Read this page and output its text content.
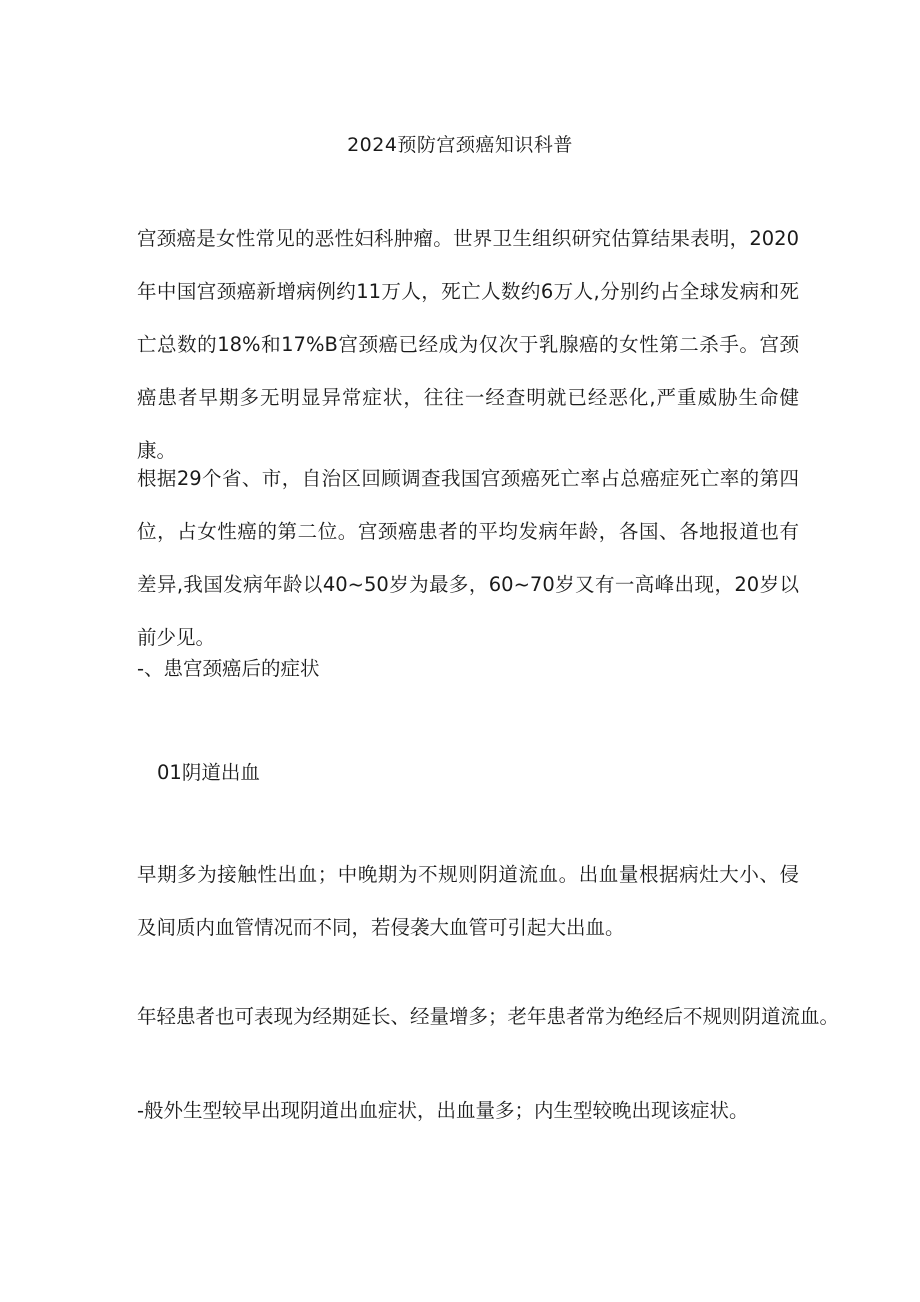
2024预防宫颈癌知识科普

宫颈癌是女性常见的恶性妇科肿瘤。世界卫生组织研究估算结果表明，2020年中国宫颈癌新增病例约11万人，死亡人数约6万人,分别约占全球发病和死亡总数的18%和17%B宫颈癌已经成为仅次于乳腺癌的女性第二杀手。宫颈癌患者早期多无明显异常症状，往往一经查明就已经恶化,严重威胁生命健康。

根据29个省、市，自治区回顾调查我国宫颈癌死亡率占总癌症死亡率的第四位，占女性癌的第二位。宫颈癌患者的平均发病年龄，各国、各地报道也有差异,我国发病年龄以40~50岁为最多，60~70岁又有一高峰出现，20岁以前少见。

-、患宫颈癌后的症状
01阴道出血

早期多为接触性出血；中晚期为不规则阴道流血。出血量根据病灶大小、侵及间质内血管情况而不同，若侵袭大血管可引起大出血。

年轻患者也可表现为经期延长、经量增多；老年患者常为绝经后不规则阴道流血。

-般外生型较早出现阴道出血症状，出血量多；内生型较晚出现该症状。
